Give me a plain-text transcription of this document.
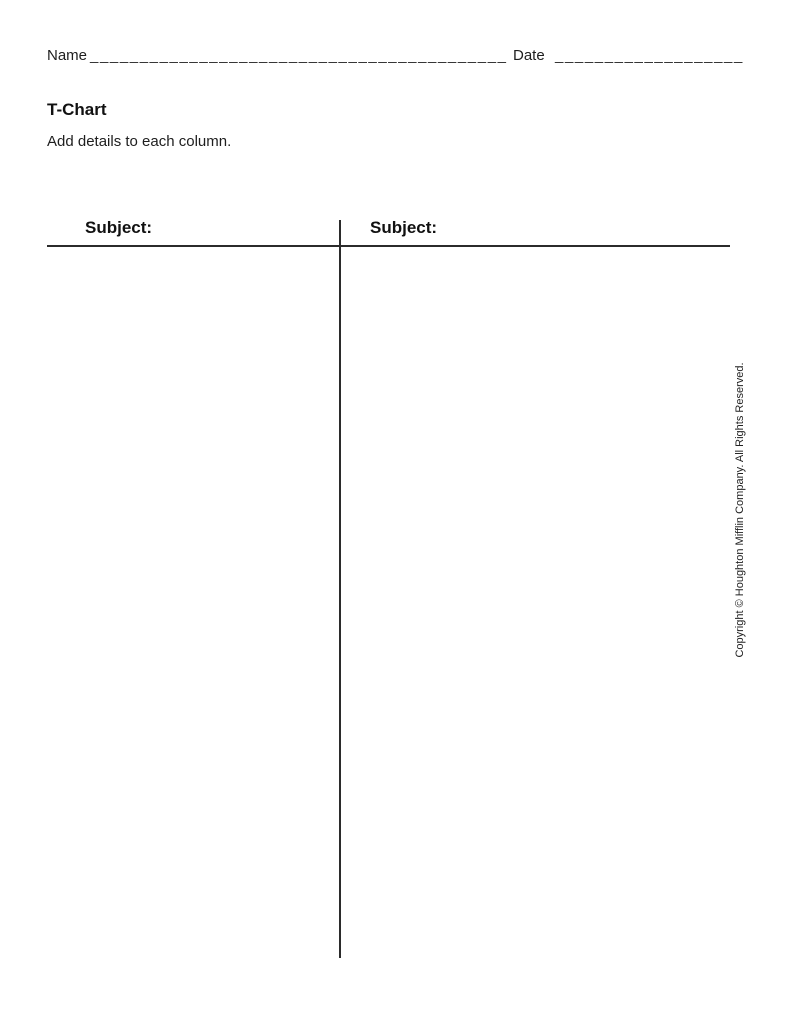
Name __________________________________________ Date ___________________
T-Chart
Add details to each column.
Subject:	Subject:
Copyright © Houghton Mifflin Company. All Rights Reserved.
